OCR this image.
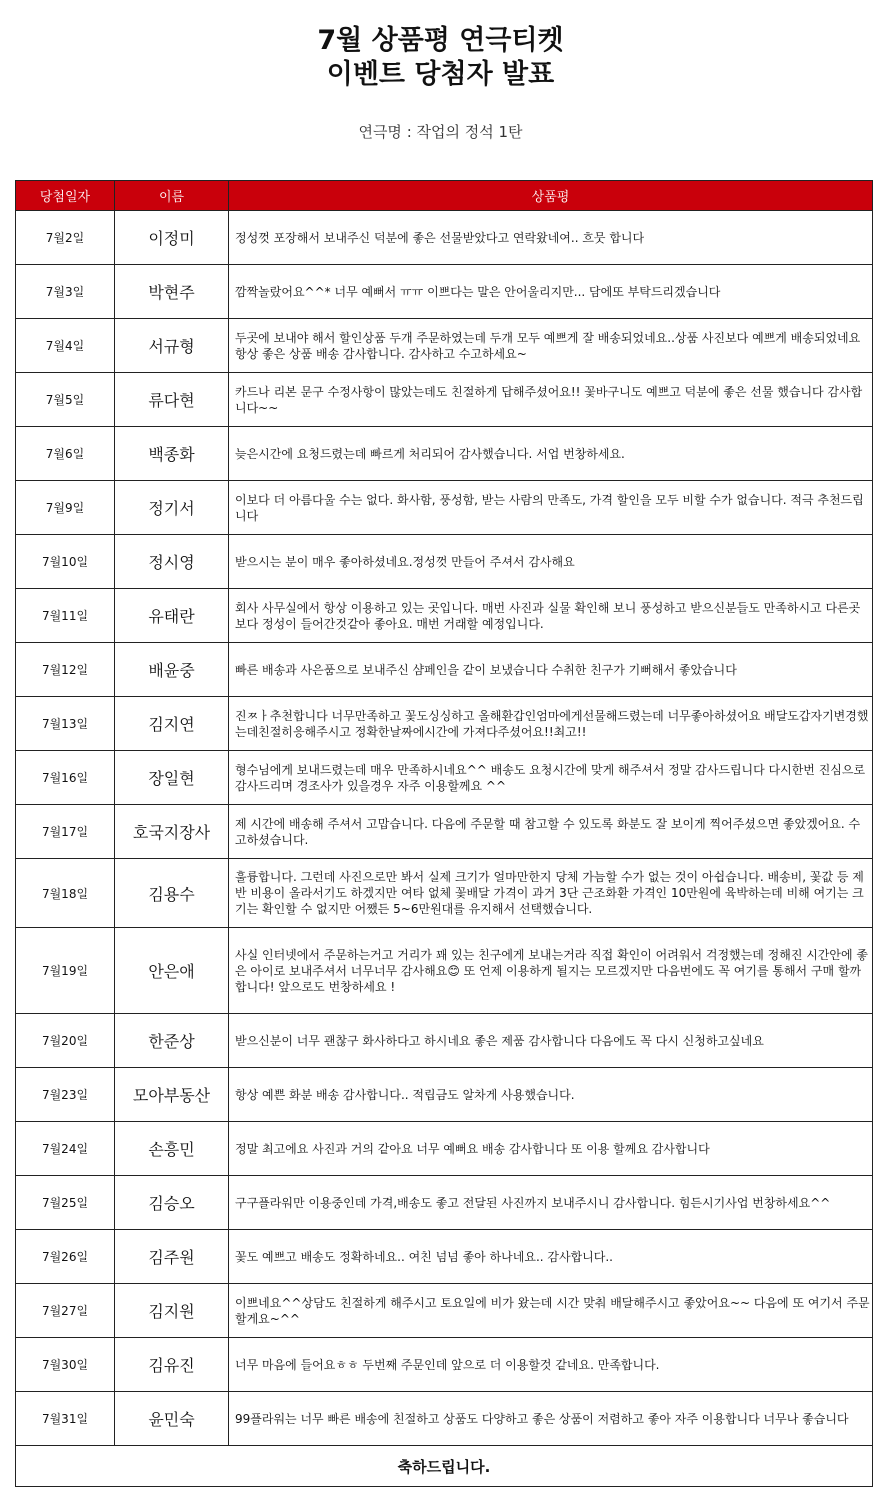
7월 상품평 연극티켓
이벤트 당첨자 발표
연극명 : 작업의 정석 1탄
당첨일자	이름	상품평
7월2일	이정미	정성껏 포장해서 보내주신 덕분에 좋은 선물받았다고 연락왔네여.. 흐뭇 합니다
7월3일	박현주	깜짝놀랐어요^^* 너무 예뻐서 ㅠㅠ 이쁘다는 말은 안어울리지만... 담에또 부탁드리겠습니다
7월4일	서규형	두곳에 보내야 해서 할인상품 두개 주문하였는데 두개 모두 예쁘게 잘 배송되었네요..상품 사진보다 예쁘게 배송되었네요 항상 좋은 상품 배송 감사합니다. 감사하고 수고하세요~
7월5일	류다현	카드나 리본 문구 수정사항이 많았는데도 친절하게 답해주셨어요!! 꽃바구니도 예쁘고 덕분에 좋은 선물 했습니다 감사합니다~~
7월6일	백종화	늦은시간에 요청드렸는데 빠르게 처리되어 감사했습니다. 서업 번창하세요.
7월9일	정기서	이보다 더 아름다울 수는 없다. 화사함, 풍성함, 받는 사람의 만족도, 가격 할인을 모두 비할 수가 없습니다. 적극 추천드립니다
7월10일	정시영	받으시는 분이 매우 좋아하셨네요.정성껏 만들어 주셔서 감사해요
7월11일	유태란	회사 사무실에서 항상 이용하고 있는 곳입니다. 매번 사진과 실물 확인해 보니 풍성하고 받으신분들도 만족하시고 다른곳보다 정성이 들어간것같아 좋아요. 매번 거래할 예정입니다.
7월12일	배윤중	빠른 배송과 사은품으로 보내주신 샴페인을 같이 보냈습니다 수취한 친구가 기뻐해서 좋았습니다
7월13일	김지연	진ㅉㅏ추천합니다 너무만족하고 꽃도싱싱하고 올해환갑인엄마에게선물해드렸는데 너무좋아하셨어요 배달도갑자기변경했는데친절히응해주시고 정확한날짜에시간에 가져다주셨어요!!최고!!
7월16일	장일현	형수님에게 보내드렸는데 매우 만족하시네요^^ 배송도 요청시간에 맞게 해주셔서 정말 감사드립니다 다시한번 진심으로 감사드리며 경조사가 있을경우 자주 이용할께요 ^^
7월17일	호국지장사	제 시간에 배송해 주셔서 고맙습니다. 다음에 주문할 때 참고할 수 있도록 화분도 잘 보이게 찍어주셨으면 좋았겠어요. 수고하셨습니다.
7월18일	김용수	훌륭합니다. 그런데 사진으로만 봐서 실제 크기가 얼마만한지 당체 가늠할 수가 없는 것이 아쉽습니다. 배송비, 꽃값 등 제반 비용이 올라서기도 하겠지만 여타 없체 꽃배달 가격이 과거 3단 근조화환 가격인 10만원에 육박하는데 비해 여기는 크기는 확인할 수 없지만 어쨌든 5~6만원대를 유지해서 선택했습니다.
7월19일	안은애	사실 인터넷에서 주문하는거고 거리가 꽤 있는 친구에게 보내는거라 직접 확인이 어려워서 걱정했는데 정해진 시간안에 좋은 아이로 보내주셔서 너무너무 감사해요😊 또 언제 이용하게 될지는 모르겠지만 다음번에도 꼭 여기를 통해서 구매 할까 합니다! 앞으로도 번창하세요 !
7월20일	한준상	받으신분이 너무 괜찮구 화사하다고 하시네요 좋은 제품 감사합니다 다음에도 꼭 다시 신청하고싶네요
7월23일	모아부동산	항상 예쁜 화분 배송 감사합니다.. 적립금도 알차게 사용했습니다.
7월24일	손흥민	정말 최고에요 사진과 거의 같아요 너무 예뻐요 배송 감사합니다 또 이용 할께요 감사합니다
7월25일	김승오	구구플라워만 이용중인데 가격,배송도 좋고 전달된 사진까지 보내주시니 감사합니다. 힘든시기사업 번창하세요^^
7월26일	김주원	꽃도 예쁘고 배송도 정확하네요.. 여친 넘넘 좋아 하나네요.. 감사합니다..
7월27일	김지원	이쁘네요^^상담도 친절하게 해주시고 토요일에 비가 왔는데 시간 맞춰 배달해주시고 좋았어요~~ 다음에 또 여기서 주문할게요~^^
7월30일	김유진	너무 마음에 들어요ㅎㅎ 두번째 주문인데 앞으로 더 이용할것 같네요. 만족합니다.
7월31일	윤민숙	99플라워는 너무 빠른 배송에 친절하고 상품도 다양하고 좋은 상품이 저렴하고 좋아 자주 이용합니다 너무나 좋습니다
축하드립니다.		
